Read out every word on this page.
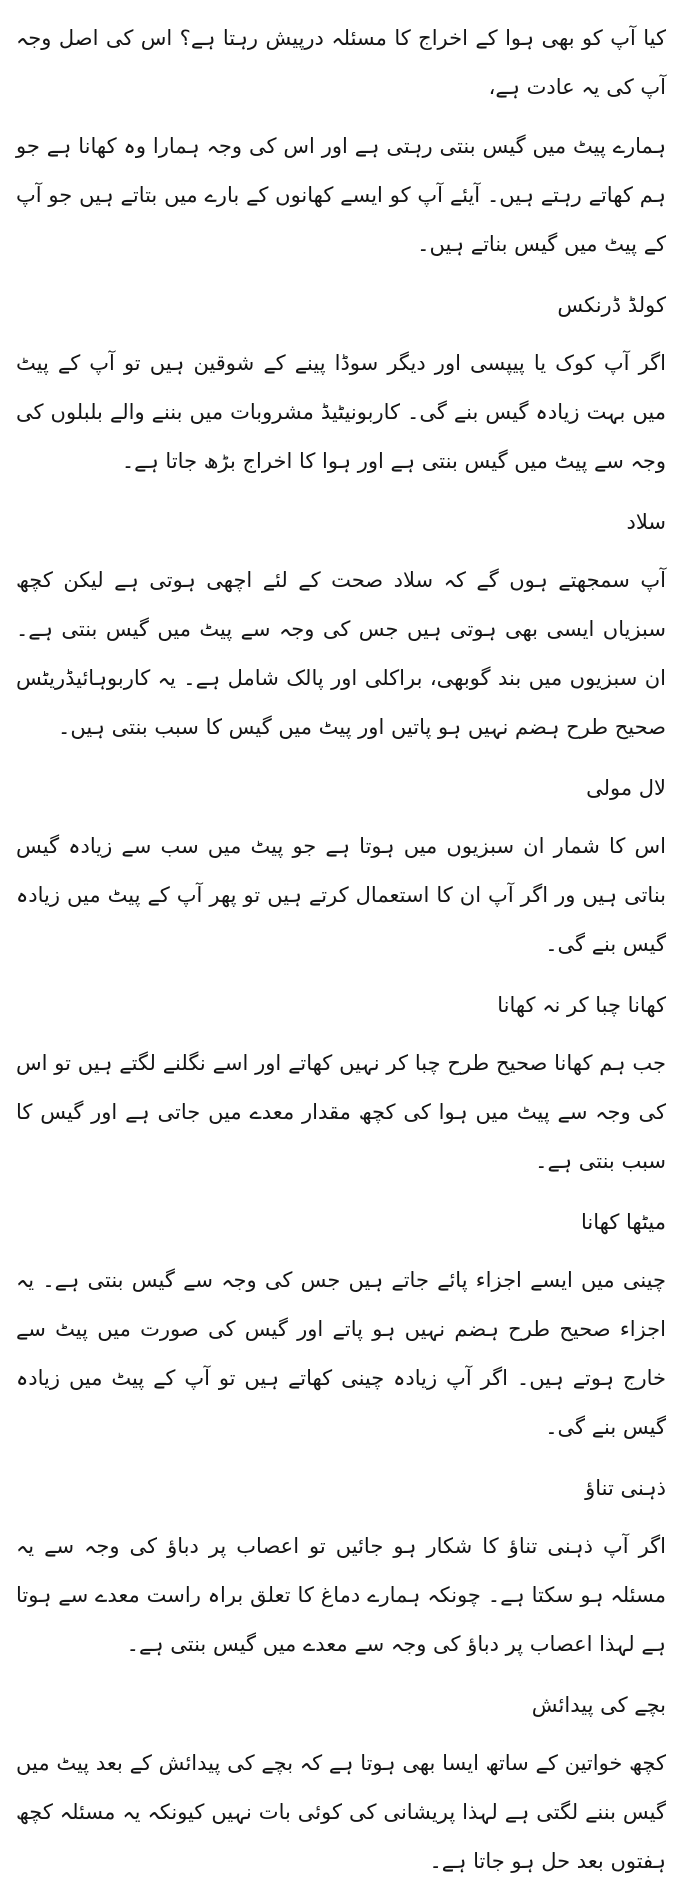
کیا آپ کو بھی ہوا کے اخراج کا مسئلہ درپیش رہتا ہے؟ اس کی اصل وجہ آپ کی یہ عادت ہے،

ہمارے پیٹ میں گیس بنتی رہتی ہے اور اس کی وجہ ہمارا وہ کھانا ہے جو ہم کھاتے رہتے ہیں۔ آیئے آپ کو ایسے کھانوں کے بارے میں بتاتے ہیں جو آپ کے پیٹ میں گیس بناتے ہیں۔

کولڈ ڈرنکس

اگر آپ کوک یا پیپسی اور دیگر سوڈا پینے کے شوقین ہیں تو آپ کے پیٹ میں بہت زیادہ گیس بنے گی۔ کاربونیٹیڈ مشروبات میں بننے والے بلبلوں کی وجہ سے پیٹ میں گیس بنتی ہے اور ہوا کا اخراج بڑھ جاتا ہے۔

سلاد

آپ سمجھتے ہوں گے کہ سلاد صحت کے لئے اچھی ہوتی ہے لیکن کچھ سبزیاں ایسی بھی ہوتی ہیں جس کی وجہ سے پیٹ میں گیس بنتی ہے۔ ان سبزیوں میں بند گوبھی، براکلی اور پالک شامل ہے۔ یہ کاربوہائیڈریٹس صحیح طرح ہضم نہیں ہو پاتیں اور پیٹ میں گیس کا سبب بنتی ہیں۔

لال مولی

اس کا شمار ان سبزیوں میں ہوتا ہے جو پیٹ میں سب سے زیادہ گیس بناتی ہیں ور اگر آپ ان کا استعمال کرتے ہیں تو پھر آپ کے پیٹ میں زیادہ گیس بنے گی۔

کھانا چبا کر نہ کھانا

جب ہم کھانا صحیح طرح چبا کر نہیں کھاتے اور اسے نگلنے لگتے ہیں تو اس کی وجہ سے پیٹ میں ہوا کی کچھ مقدار معدے میں جاتی ہے اور گیس کا سبب بنتی ہے۔

میٹھا کھانا

چینی میں ایسے اجزاء پائے جاتے ہیں جس کی وجہ سے گیس بنتی ہے۔ یہ اجزاء صحیح طرح ہضم نہیں ہو پاتے اور گیس کی صورت میں پیٹ سے خارج ہوتے ہیں۔ اگر آپ زیادہ چینی کھاتے ہیں تو آپ کے پیٹ میں زیادہ گیس بنے گی۔

ذہنی تناؤ

اگر آپ ذہنی تناؤ کا شکار ہو جائیں تو اعصاب پر دباؤ کی وجہ سے یہ مسئلہ ہو سکتا ہے۔ چونکہ ہمارے دماغ کا تعلق براہ راست معدے سے ہوتا ہے لہذا اعصاب پر دباؤ کی وجہ سے معدے میں گیس بنتی ہے۔

بچے کی پیدائش

کچھ خواتین کے ساتھ ایسا بھی ہوتا ہے کہ بچے کی پیدائش کے بعد پیٹ میں گیس بننے لگتی ہے لہذا پریشانی کی کوئی بات نہیں کیونکہ یہ مسئلہ کچھ ہفتوں بعد حل ہو جاتا ہے۔
